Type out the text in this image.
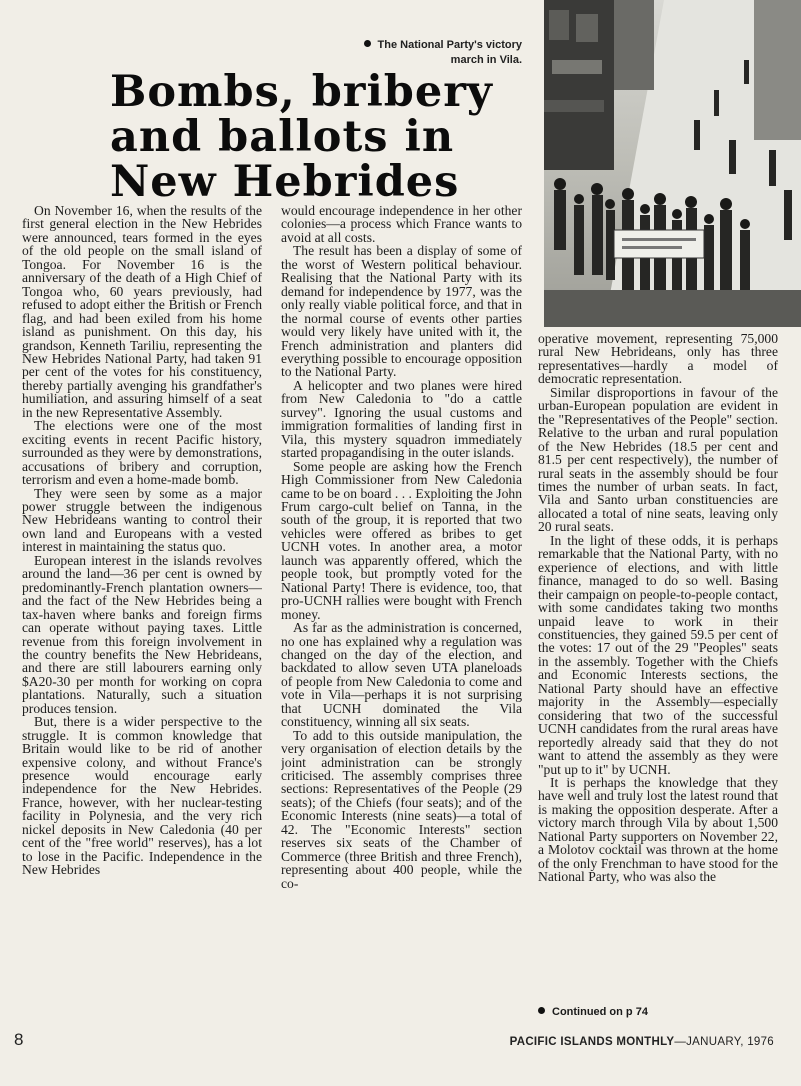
The National Party's victory march in Vila.
Bombs, bribery
and ballots in
New Hebrides

On November 16, when the results of the first general election in the New Hebrides were announced, tears formed in the eyes of the old people on the small island of Tongoa. For November 16 is the anniversary of the death of a High Chief of Tongoa who, 60 years previously, had refused to adopt either the British or French flag, and had been exiled from his home island as punishment. On this day, his grandson, Kenneth Tariliu, representing the New Hebrides National Party, had taken 91 per cent of the votes for his constituency, thereby partially avenging his grandfather's humiliation, and assuring himself of a seat in the new Representative Assembly.

The elections were one of the most exciting events in recent Pacific history, surrounded as they were by demonstrations, accusations of bribery and corruption, terrorism and even a home-made bomb.

They were seen by some as a major power struggle between the indigenous New Hebrideans wanting to control their own land and Europeans with a vested interest in maintaining the status quo.

European interest in the islands revolves around the land—36 per cent is owned by predominantly-French plantation owners—and the fact of the New Hebrides being a tax-haven where banks and foreign firms can operate without paying taxes. Little revenue from this foreign involvement in the country benefits the New Hebrideans, and there are still labourers earning only $A20-30 per month for working on copra plantations. Naturally, such a situation produces tension.

But, there is a wider perspective to the struggle. It is common knowledge that Britain would like to be rid of another expensive colony, and without France's presence would encourage early independence for the New Hebrides. France, however, with her nuclear-testing facility in Polynesia, and the very rich nickel deposits in New Caledonia (40 per cent of the "free world" reserves), has a lot to lose in the Pacific. Independence in the New Hebrides

would encourage independence in her other colonies—a process which France wants to avoid at all costs.

The result has been a display of some of the worst of Western political behaviour. Realising that the National Party with its demand for independence by 1977, was the only really viable political force, and that in the normal course of events other parties would very likely have united with it, the French administration and planters did everything possible to encourage opposition to the National Party.

A helicopter and two planes were hired from New Caledonia to "do a cattle survey". Ignoring the usual customs and immigration formalities of landing first in Vila, this mystery squadron immediately started propagandising in the outer islands.

Some people are asking how the French High Commissioner from New Caledonia came to be on board . . . Exploiting the John Frum cargo-cult belief on Tanna, in the south of the group, it is reported that two vehicles were offered as bribes to get UCNH votes. In another area, a motor launch was apparently offered, which the people took, but promptly voted for the National Party! There is evidence, too, that pro-UCNH rallies were bought with French money.

As far as the administration is concerned, no one has explained why a regulation was changed on the day of the election, and backdated to allow seven UTA planeloads of people from New Caledonia to come and vote in Vila—perhaps it is not surprising that UCNH dominated the Vila constituency, winning all six seats.

To add to this outside manipulation, the very organisation of election details by the joint administration can be strongly criticised. The assembly comprises three sections: Representatives of the People (29 seats); of the Chiefs (four seats); and of the Economic Interests (nine seats)—a total of 42. The "Economic Interests" section reserves six seats of the Chamber of Commerce (three British and three French), representing about 400 people, while the co-

operative movement, representing 75,000 rural New Hebrideans, only has three representatives—hardly a model of democratic representation.

Similar disproportions in favour of the urban-European population are evident in the "Representatives of the People" section. Relative to the urban and rural population of the New Hebrides (18.5 per cent and 81.5 per cent respectively), the number of rural seats in the assembly should be four times the number of urban seats. In fact, Vila and Santo urban constituencies are allocated a total of nine seats, leaving only 20 rural seats.

In the light of these odds, it is perhaps remarkable that the National Party, with no experience of elections, and with little finance, managed to do so well. Basing their campaign on people-to-people contact, with some candidates taking two months unpaid leave to work in their constituencies, they gained 59.5 per cent of the votes: 17 out of the 29 "Peoples" seats in the assembly. Together with the Chiefs and Economic Interests sections, the National Party should have an effective majority in the Assembly—especially considering that two of the successful UCNH candidates from the rural areas have reportedly already said that they do not want to attend the assembly as they were "put up to it" by UCNH.

It is perhaps the knowledge that they have well and truly lost the latest round that is making the opposition desperate. After a victory march through Vila by about 1,500 National Party supporters on November 22, a Molotov cocktail was thrown at the home of the only Frenchman to have stood for the National Party, who was also the

Continued on p 74
8	PACIFIC ISLANDS MONTHLY—JANUARY, 1976
